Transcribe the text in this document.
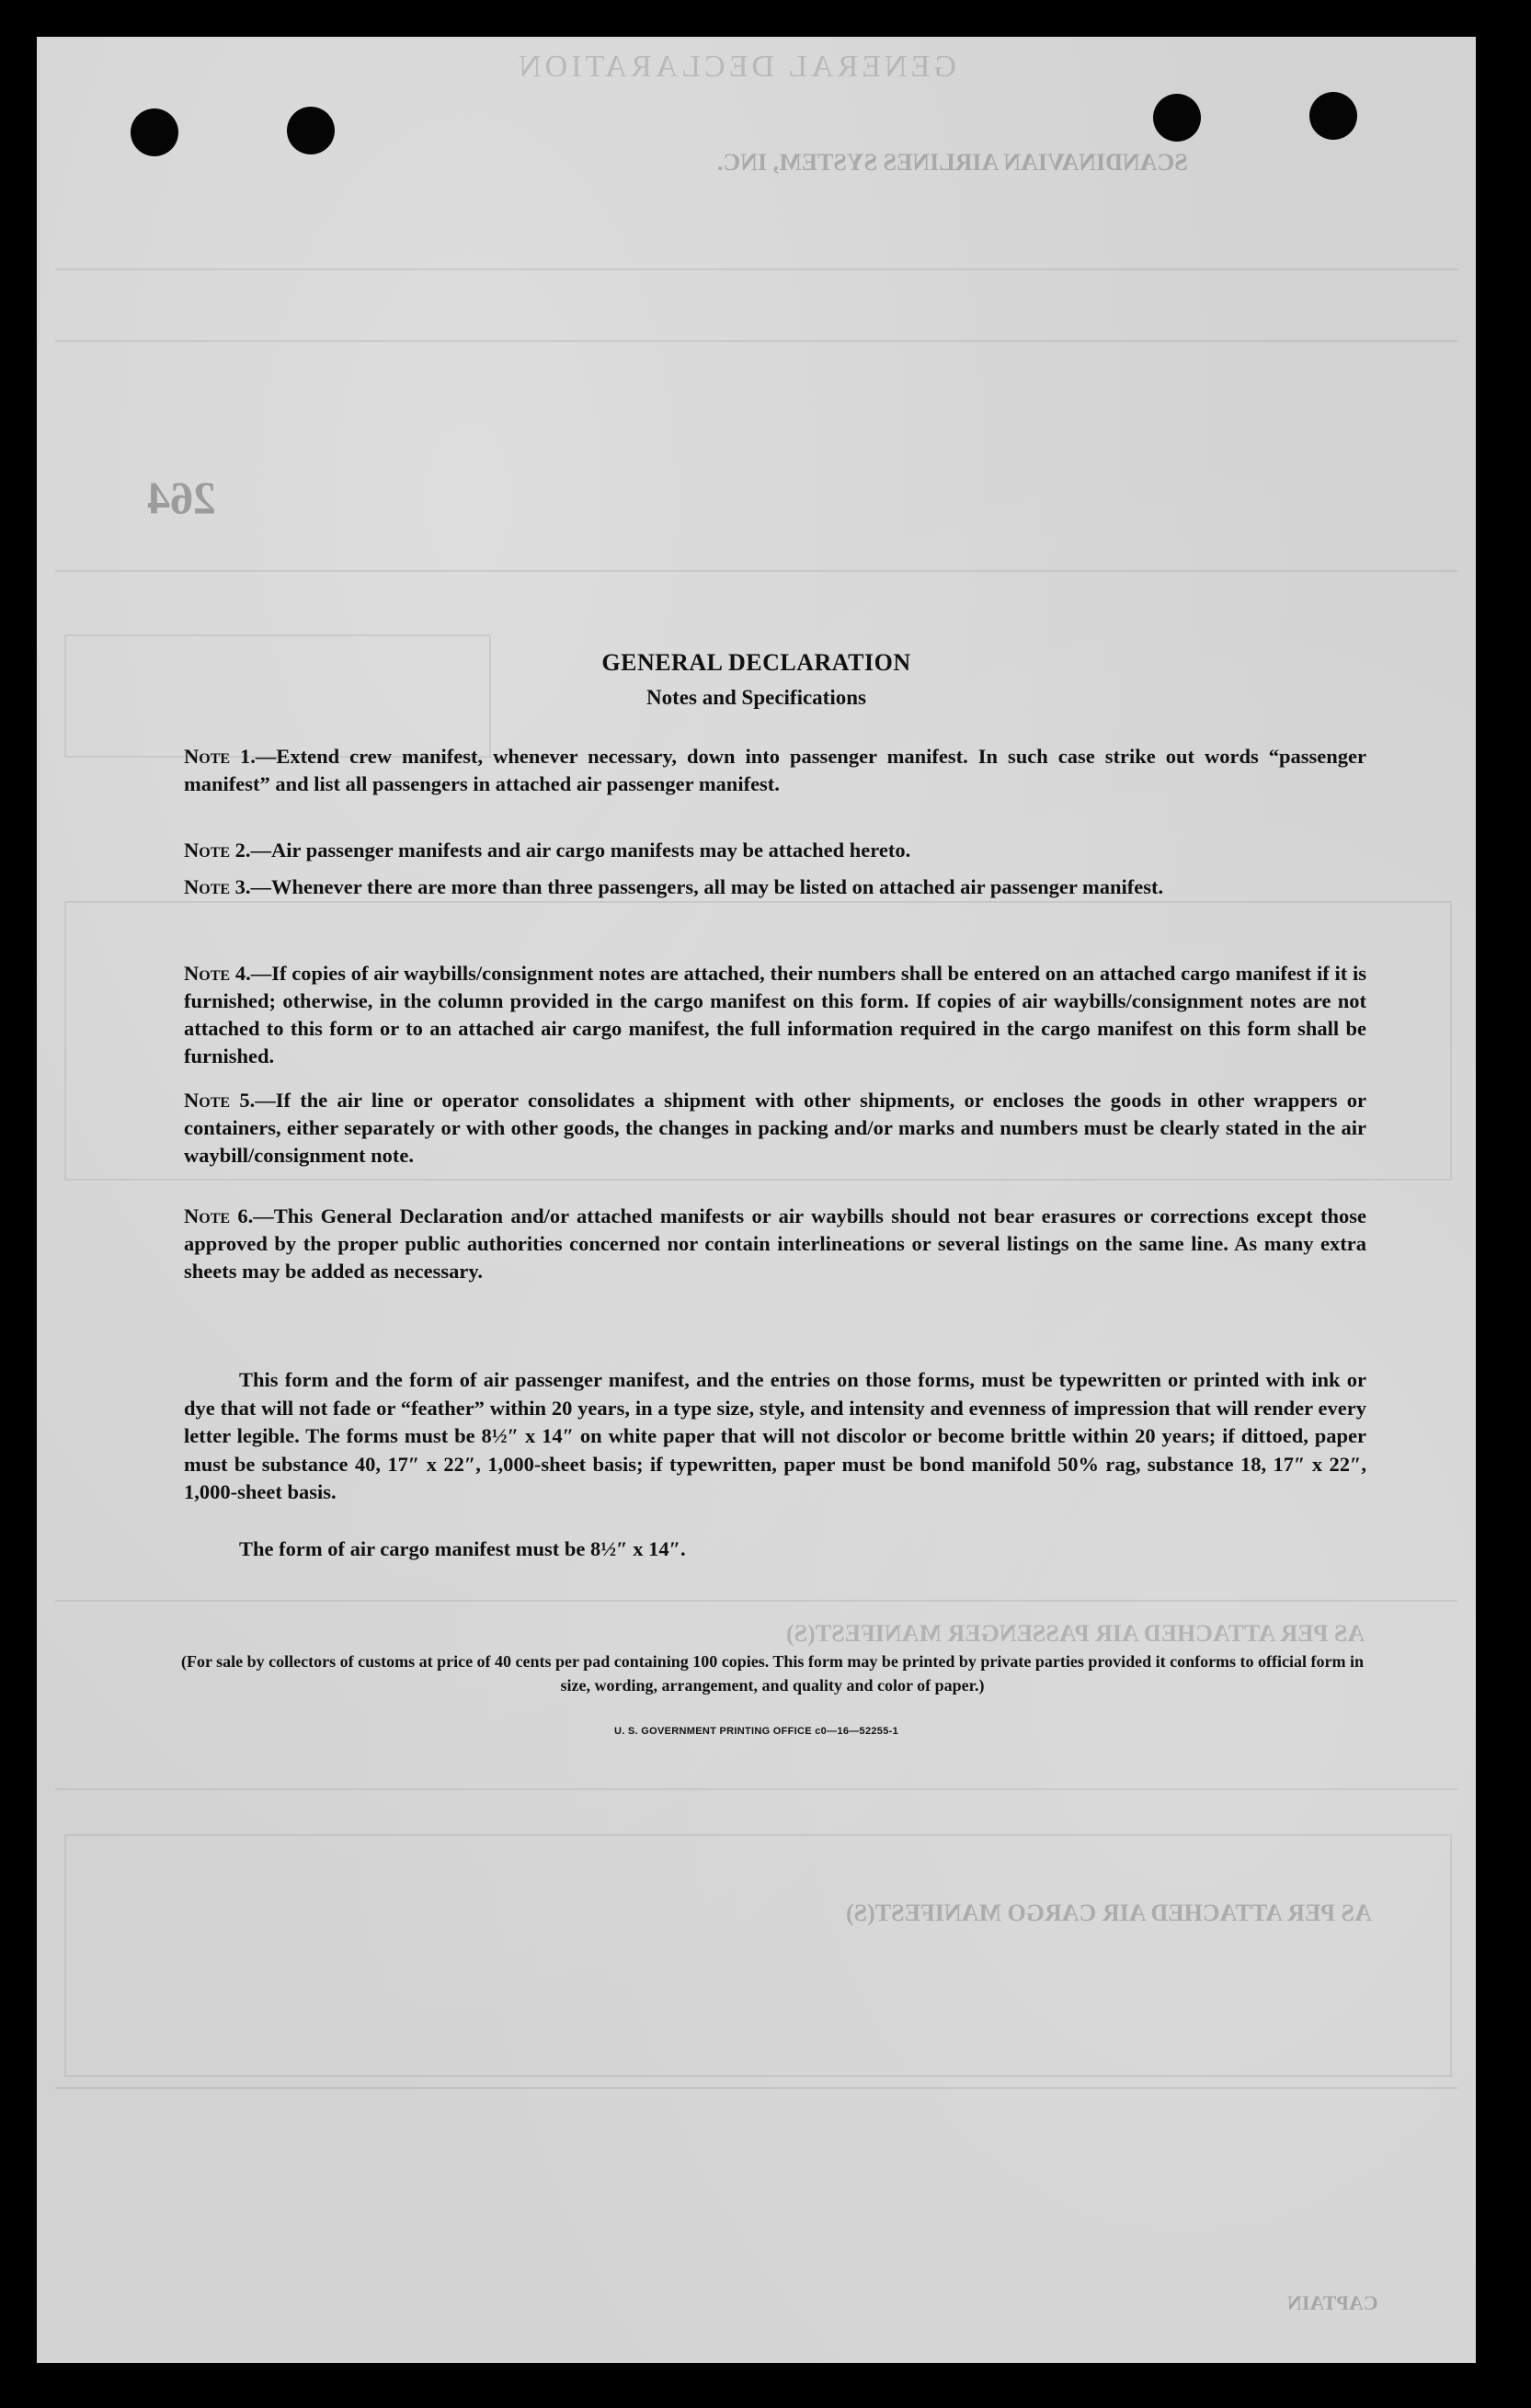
GENERAL DECLARATION
SCANDINAVIAN AIRLINES SYSTEM, INC.
264
AS PER ATTACHED AIR PASSENGER MANIFEST(S)
AS PER ATTACHED AIR CARGO MANIFEST(S)
CAPTAIN
GENERAL DECLARATION
Notes and Specifications
Note 1.—Extend crew manifest, whenever necessary, down into passenger manifest. In such case strike out words “passenger manifest” and list all passengers in attached air passenger manifest.
Note 2.—Air passenger manifests and air cargo manifests may be attached hereto.
Note 3.—Whenever there are more than three passengers, all may be listed on attached air passenger manifest.
Note 4.—If copies of air waybills/consignment notes are attached, their numbers shall be entered on an attached cargo manifest if it is furnished; otherwise, in the column provided in the cargo manifest on this form. If copies of air waybills/consignment notes are not attached to this form or to an attached air cargo manifest, the full information required in the cargo manifest on this form shall be furnished.
Note 5.—If the air line or operator consolidates a shipment with other shipments, or encloses the goods in other wrappers or containers, either separately or with other goods, the changes in packing and/or marks and numbers must be clearly stated in the air waybill/consignment note.
Note 6.—This General Declaration and/or attached manifests or air waybills should not bear erasures or corrections except those approved by the proper public authorities concerned nor contain interlineations or several listings on the same line. As many extra sheets may be added as necessary.
This form and the form of air passenger manifest, and the entries on those forms, must be typewritten or printed with ink or dye that will not fade or “feather” within 20 years, in a type size, style, and intensity and evenness of impression that will render every letter legible. The forms must be 8½″ x 14″ on white paper that will not discolor or become brittle within 20 years; if dittoed, paper must be substance 40, 17″ x 22″, 1,000-sheet basis; if typewritten, paper must be bond manifold 50% rag, substance 18, 17″ x 22″, 1,000-sheet basis.
The form of air cargo manifest must be 8½″ x 14″.
(For sale by collectors of customs at price of 40 cents per pad containing 100 copies. This form may be printed by private parties provided it conforms to official form in size, wording, arrangement, and quality and color of paper.)
U. S. GOVERNMENT PRINTING OFFICE c0—16—52255-1
